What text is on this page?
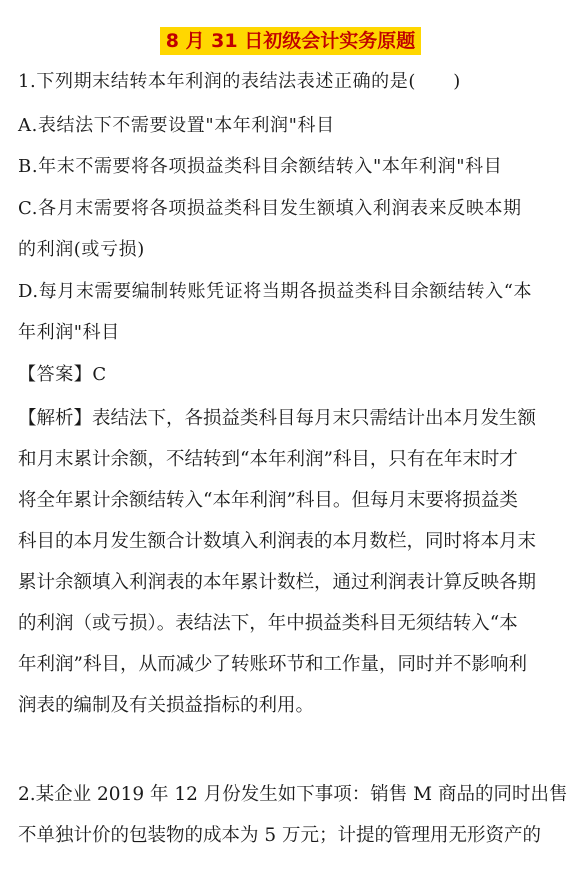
8 月 31 日初级会计实务原题
1.下列期末结转本年利润的表结法表述正确的是(　　)
A.表结法下不需要设置"本年利润"科目
B.年末不需要将各项损益类科目余额结转入"本年利润"科目
C.各月末需要将各项损益类科目发生额填入利润表来反映本期
的利润(或亏损)
D.每月末需要编制转账凭证将当期各损益类科目余额结转入“本
年利润"科目
【答案】C
【解析】表结法下，各损益类科目每月末只需结计出本月发生额
和月末累计余额，不结转到“本年利润”科目，只有在年末时才
将全年累计余额结转入“本年利润”科目。但每月末要将损益类
科目的本月发生额合计数填入利润表的本月数栏，同时将本月末
累计余额填入利润表的本年累计数栏，通过利润表计算反映各期
的利润（或亏损）。表结法下，年中损益类科目无须结转入“本
年利润”科目，从而减少了转账环节和工作量，同时并不影响利
润表的编制及有关损益指标的利用。
2.某企业 2019 年 12 月份发生如下事项：销售 M 商品的同时出售
不单独计价的包装物的成本为 5 万元；计提的管理用无形资产的
